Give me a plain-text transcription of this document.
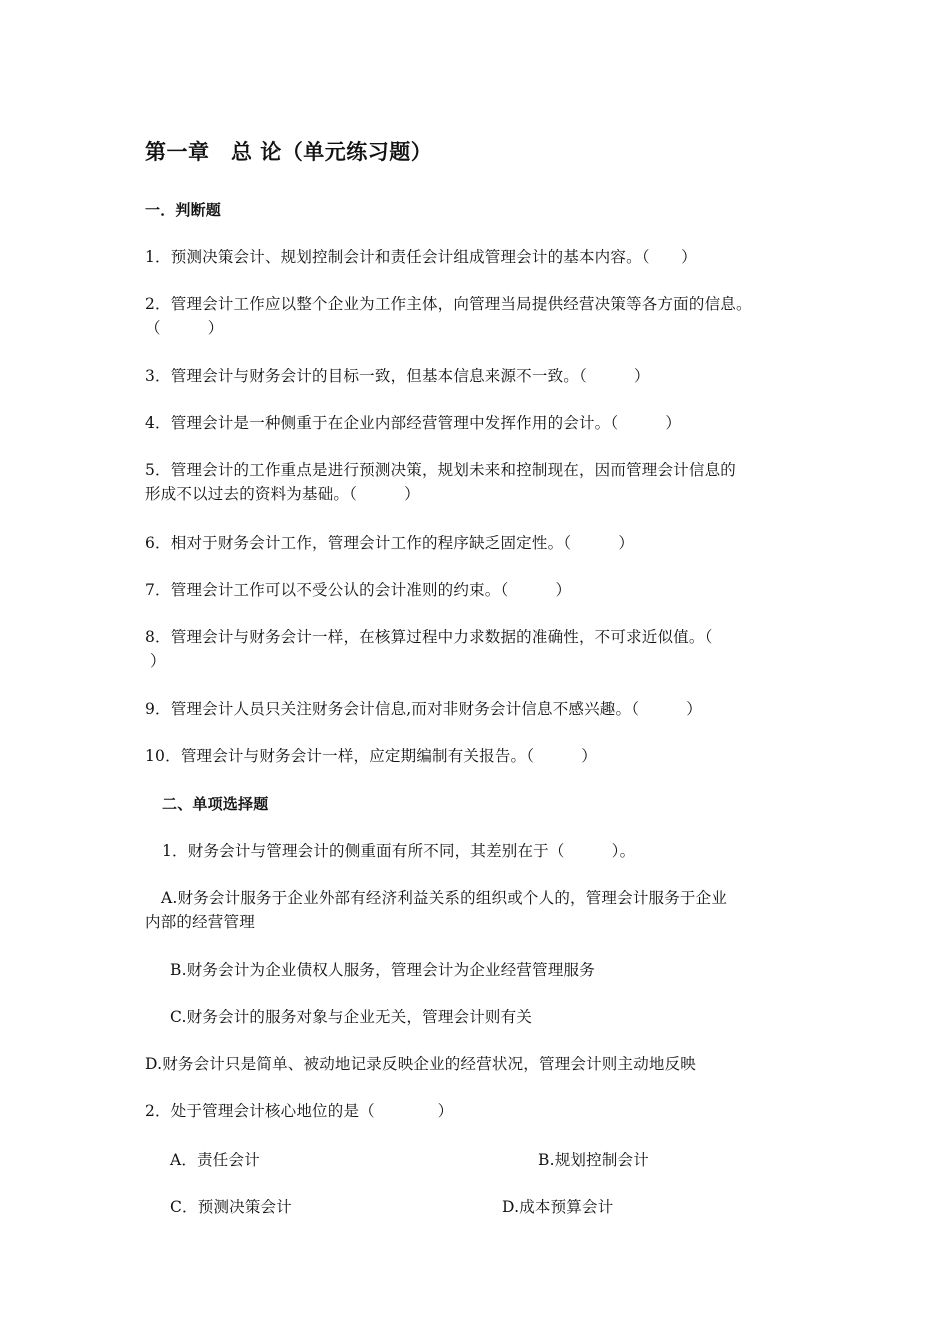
第一章　总 论（单元练习题）
一．判断题
1．预测决策会计、规划控制会计和责任会计组成管理会计的基本内容。（　　）
2．管理会计工作应以整个企业为工作主体，向管理当局提供经营决策等各方面的信息。
（　　　）
3．管理会计与财务会计的目标一致，但基本信息来源不一致。（　　　）
4．管理会计是一种侧重于在企业内部经营管理中发挥作用的会计。（　　　）
5．管理会计的工作重点是进行预测决策，规划未来和控制现在，因而管理会计信息的
形成不以过去的资料为基础。（　　　）
6．相对于财务会计工作，管理会计工作的程序缺乏固定性。（　　　）
7．管理会计工作可以不受公认的会计准则的约束。（　　　）
8．管理会计与财务会计一样，在核算过程中力求数据的准确性，不可求近似值。（
）
9．管理会计人员只关注财务会计信息,而对非财务会计信息不感兴趣。（　　　）
10．管理会计与财务会计一样，应定期编制有关报告。（　　　）
二、单项选择题
1．财务会计与管理会计的侧重面有所不同，其差别在于（　　　）。
A.财务会计服务于企业外部有经济利益关系的组织或个人的，管理会计服务于企业
内部的经营管理
B.财务会计为企业债权人服务，管理会计为企业经营管理服务
C.财务会计的服务对象与企业无关，管理会计则有关
D.财务会计只是简单、被动地记录反映企业的经营状况，管理会计则主动地反映
2．处于管理会计核心地位的是（　　　　）
A．责任会计	B.规划控制会计
C．预测决策会计	D.成本预算会计
